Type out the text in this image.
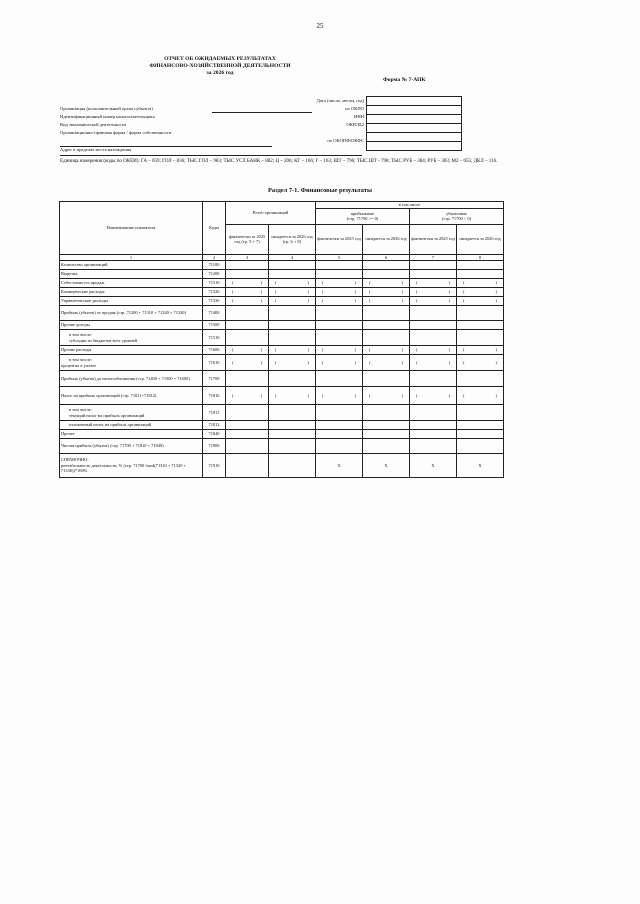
25
ОТЧЕТ ОБ ОЖИДАЕМЫХ РЕЗУЛЬТАТАХ
ФИНАНСОВО-ХОЗЯЙСТВЕННОЙ ДЕЯТЕЛЬНОСТИ
за 2026 год
Форма № 7-АПК
Дата (число, месяц, год)

Организация (исполнительный орган субъекта)	по ОКПО
Идентификационный номер налогоплательщика	ИНН
Вид экономической деятельности	ОКВЭД2
Организационно-правовая форма / форма собственности
по ОКОПФ/ОКФС
Адрес в пределах места нахождения
Единица измерения (коды по ОКЕИ): ГА – 059; ГОЛ – 836; ТЫС ГОЛ – 983; ТЫС УСЛ БАНК – 882; Ц – 206; КГ – 166; Г – 163; ШТ – 796; ТЫС ШТ - 798; ТЫС РУБ – 384; РУБ – 383; М2 – 055; ДКЛ – 116.
Раздел 7-1. Финансовые результаты
Наименование показателя	Коды	Всего организаций		в том числе			
				прибыльные
(стр. 71700 >= 0)		убыточные
(стр. 71700 < 0)	
		фактически за 2025 год (гр. 5 + 7)	ожидается за 2026 год (гр. 6 + 8)	фактически за 2025 год	ожидается за 2026 год	фактически за 2025 год	ожидается за 2026 год
1	2	3	4	5	6	7	8
Количество организаций	71100						
Выручка	71200						
Себестоимость продаж	71310	( )	( )	( )	( )	( )	( )

Коммерческие расходы	71320	( )	( )	( )	( )	( )	( )

Управленческие расходы	71330	( )	( )	( )	( )	( )	( )

Прибыль (убыток) от продаж (стр. 71200 + 71310 + 71320 + 71330)	71400						
Прочие доходы	71500						

в том числе:
субсидии из бюджетов всех уровней	71510						
Прочие расходы	71600	( )	( )	( )	( )	( )	( )

в том числе:
проценты к уплате	71610	( )	( )	( )	( )	( )	( )

Прибыль (убыток) до налогообложения (стр. 71400 + 71500 + 71600)	71700						
Налог на прибыль организаций (стр. 71811+71812)	71810	( )	( )	( )	( )	( )	( )

в том числе:
текущий налог на прибыль организаций	71811						

отложенный налог на прибыль организаций	71812						
Прочее	71840						
Чистая прибыль (убыток) (стр. 71700 + 71810 + 71840)	71900						

СПРАВОЧНО:
рентабельность деятельности, % (стр. 71700 /mod(71310 + 71320 + 71330))*100%	71910			Х	Х	Х	Х
